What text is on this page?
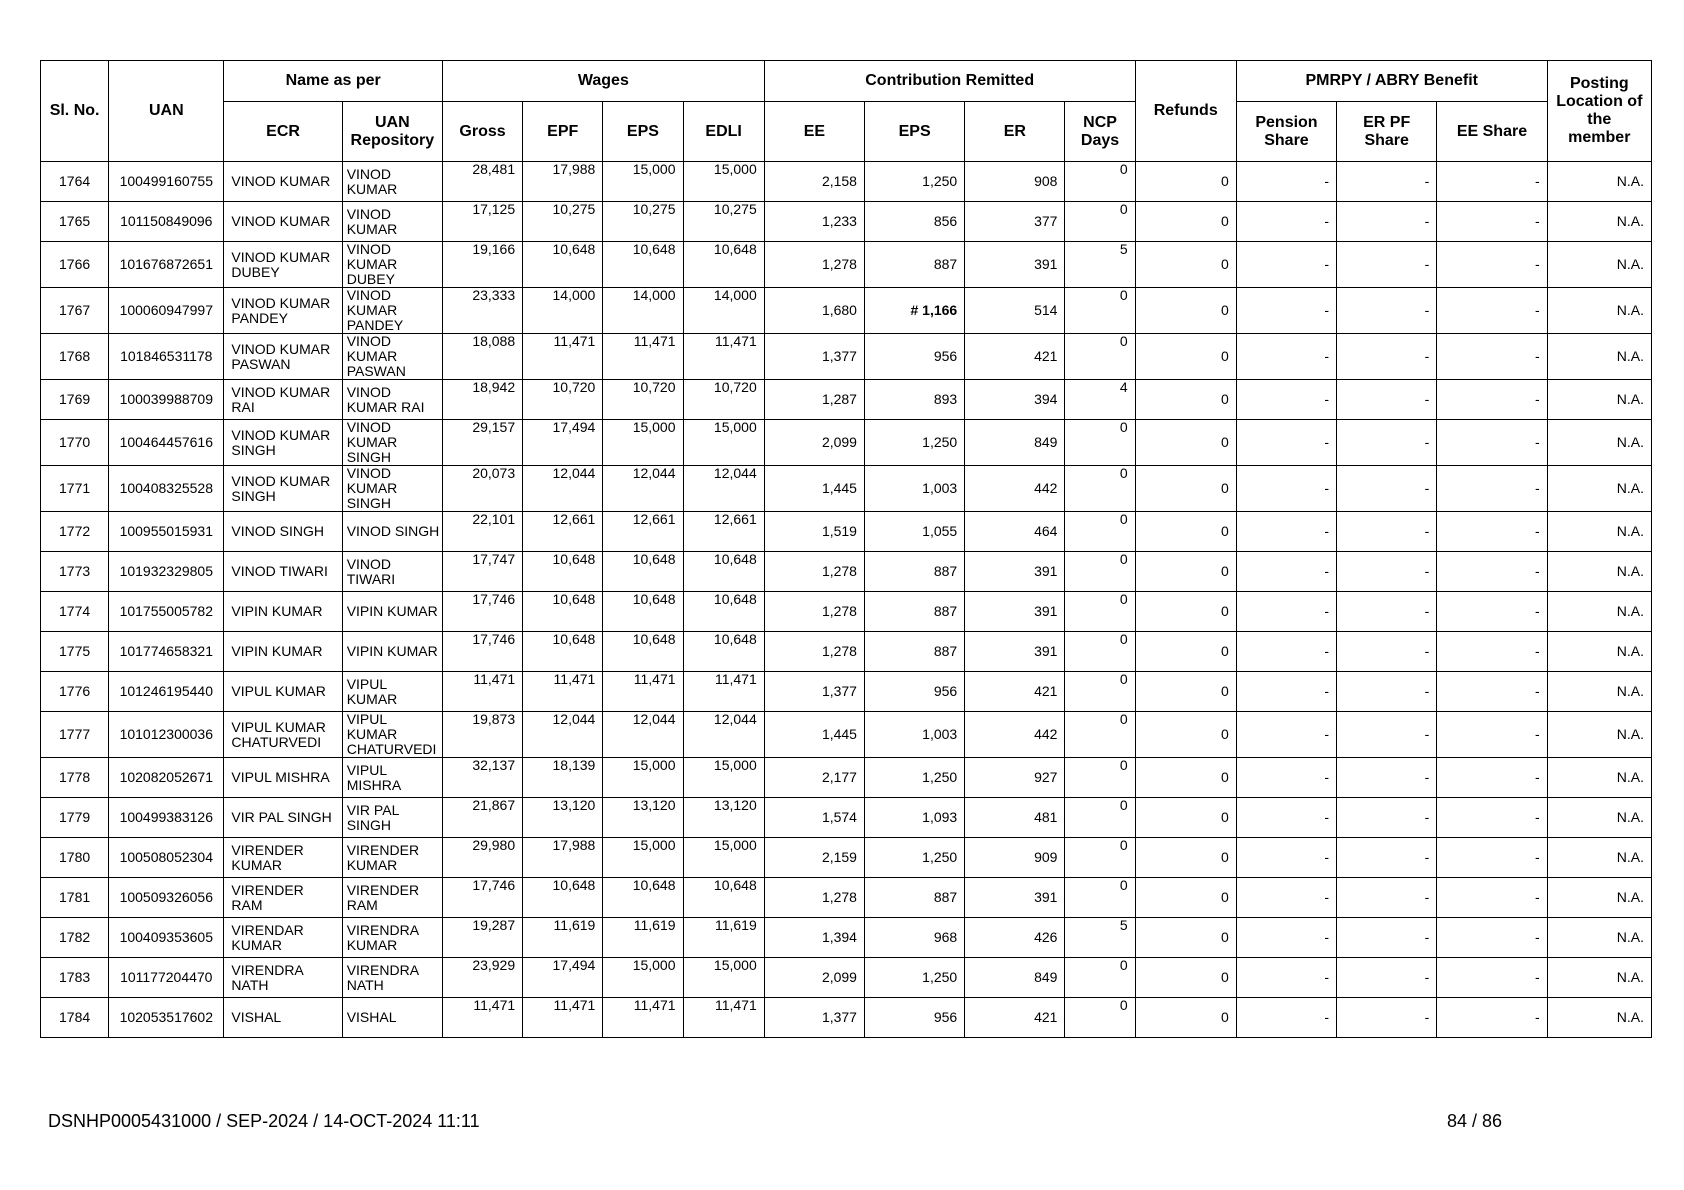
Sl. No.	UAN	Name as per		Wages				Contribution Remitted				Refunds	PMRPY / ABRY Benefit			Posting Location of the member
		ECR	UAN Repository	Gross	EPF	EPS	EDLI	EE	EPS	ER	NCP Days		Pension Share	ER PF Share	EE Share	
1764	100499160755	VINOD KUMAR	VINOD KUMAR	28,481	17,988	15,000	15,000	2,158	1,250	908	0	0	-	-	-	N.A.
1765	101150849096	VINOD KUMAR	VINOD KUMAR	17,125	10,275	10,275	10,275	1,233	856	377	0	0	-	-	-	N.A.
1766	101676872651	VINOD KUMAR DUBEY	VINOD KUMAR DUBEY	19,166	10,648	10,648	10,648	1,278	887	391	5	0	-	-	-	N.A.
1767	100060947997	VINOD KUMAR PANDEY	VINOD KUMAR PANDEY	23,333	14,000	14,000	14,000	1,680	# 1,166	514	0	0	-	-	-	N.A.
1768	101846531178	VINOD KUMAR PASWAN	VINOD KUMAR PASWAN	18,088	11,471	11,471	11,471	1,377	956	421	0	0	-	-	-	N.A.
1769	100039988709	VINOD KUMAR RAI	VINOD KUMAR RAI	18,942	10,720	10,720	10,720	1,287	893	394	4	0	-	-	-	N.A.
1770	100464457616	VINOD KUMAR SINGH	VINOD KUMAR SINGH	29,157	17,494	15,000	15,000	2,099	1,250	849	0	0	-	-	-	N.A.
1771	100408325528	VINOD KUMAR SINGH	VINOD KUMAR SINGH	20,073	12,044	12,044	12,044	1,445	1,003	442	0	0	-	-	-	N.A.
1772	100955015931	VINOD SINGH	VINOD SINGH	22,101	12,661	12,661	12,661	1,519	1,055	464	0	0	-	-	-	N.A.
1773	101932329805	VINOD TIWARI	VINOD TIWARI	17,747	10,648	10,648	10,648	1,278	887	391	0	0	-	-	-	N.A.
1774	101755005782	VIPIN KUMAR	VIPIN KUMAR	17,746	10,648	10,648	10,648	1,278	887	391	0	0	-	-	-	N.A.
1775	101774658321	VIPIN KUMAR	VIPIN KUMAR	17,746	10,648	10,648	10,648	1,278	887	391	0	0	-	-	-	N.A.
1776	101246195440	VIPUL KUMAR	VIPUL KUMAR	11,471	11,471	11,471	11,471	1,377	956	421	0	0	-	-	-	N.A.
1777	101012300036	VIPUL KUMAR CHATURVEDI	VIPUL KUMAR CHATURVEDI	19,873	12,044	12,044	12,044	1,445	1,003	442	0	0	-	-	-	N.A.
1778	102082052671	VIPUL MISHRA	VIPUL MISHRA	32,137	18,139	15,000	15,000	2,177	1,250	927	0	0	-	-	-	N.A.
1779	100499383126	VIR PAL SINGH	VIR PAL SINGH	21,867	13,120	13,120	13,120	1,574	1,093	481	0	0	-	-	-	N.A.
1780	100508052304	VIRENDER KUMAR	VIRENDER KUMAR	29,980	17,988	15,000	15,000	2,159	1,250	909	0	0	-	-	-	N.A.
1781	100509326056	VIRENDER RAM	VIRENDER RAM	17,746	10,648	10,648	10,648	1,278	887	391	0	0	-	-	-	N.A.
1782	100409353605	VIRENDAR KUMAR	VIRENDRA KUMAR	19,287	11,619	11,619	11,619	1,394	968	426	5	0	-	-	-	N.A.
1783	101177204470	VIRENDRA NATH	VIRENDRA NATH	23,929	17,494	15,000	15,000	2,099	1,250	849	0	0	-	-	-	N.A.
1784	102053517602	VISHAL	VISHAL	11,471	11,471	11,471	11,471	1,377	956	421	0	0	-	-	-	N.A.
DSNHP0005431000 / SEP-2024 / 14-OCT-2024 11:11	84 / 86
